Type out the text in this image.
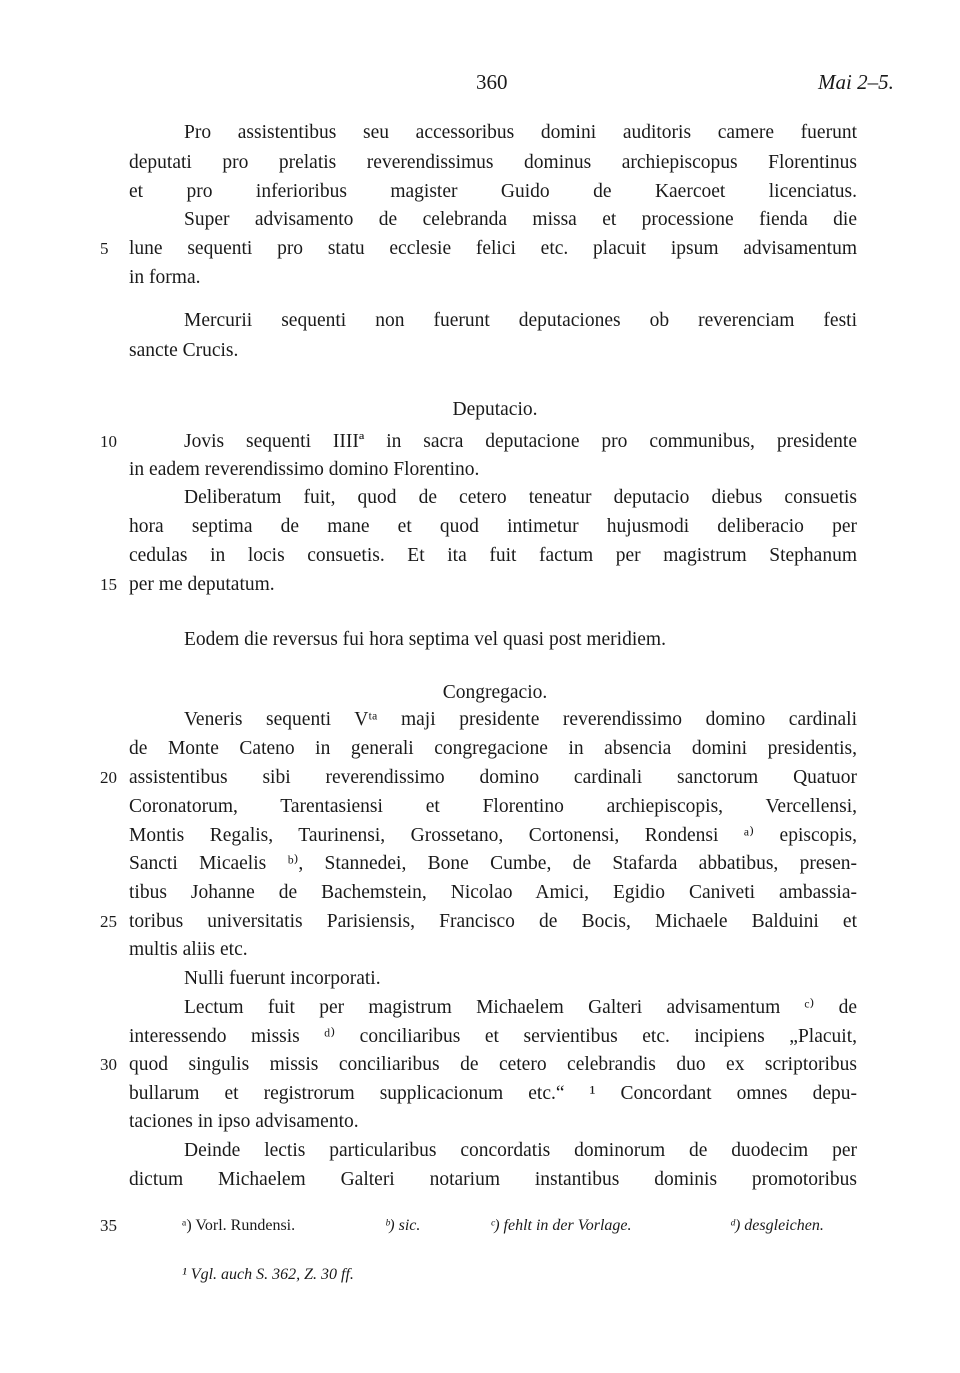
360	Mai 2–5.
Pro assistentibus seu accessoribus domini auditoris camere fuerunt
deputati pro prelatis reverendissimus dominus archiepiscopus Florentinus
et pro inferioribus magister Guido de Kaercoet licenciatus.
Super advisamento de celebranda missa et processione fienda die
5 lune sequenti pro statu ecclesie felici etc. placuit ipsum advisamentum
in forma.
Mercurii sequenti non fuerunt deputaciones ob reverenciam festi
sancte Crucis.
Deputacio.
10	Jovis sequenti IIIIª in sacra deputacione pro communibus, presidente
in eadem reverendissimo domino Florentino.
Deliberatum fuit, quod de cetero teneatur deputacio diebus consuetis
hora septima de mane et quod intimetur hujusmodi deliberacio per
cedulas in locis consuetis. Et ita fuit factum per magistrum Stephanum
15 per me deputatum.
Eodem die reversus fui hora septima vel quasi post meridiem.
Congregacio.
Veneris sequenti Vᵗᵃ maji presidente reverendissimo domino cardinali
de Monte Cateno in generali congregacione in absencia domini presidentis,
20 assistentibus sibi reverendissimo domino cardinali sanctorum Quatuor
Coronatorum, Tarentasiensi et Florentino archiepiscopis, Vercellensi,
Montis Regalis, Taurinensi, Grossetano, Cortonensi, Rondensi ᵃ⁾ episcopis,
Sancti Micaelis ᵇ⁾, Stannedei, Bone Cumbe, de Stafarda abbatibus, presen-
tibus Johanne de Bachemstein, Nicolao Amici, Egidio Caniveti ambassia-
25 toribus universitatis Parisiensis, Francisco de Bocis, Michaele Balduini et
multis aliis etc.
Nulli fuerunt incorporati.
Lectum fuit per magistrum Michaelem Galteri advisamentum ᶜ⁾ de
interessendo missis ᵈ⁾ conciliaribus et servientibus etc. incipiens „Placuit,
30 quod singulis missis conciliaribus de cetero celebrandis duo ex scriptoribus
bullarum et registrorum supplicacionum etc.“ ¹ Concordant omnes depu-
taciones in ipso advisamento.
Deinde lectis particularibus concordatis dominorum de duodecim per
dictum Michaelem Galteri notarium instantibus dominis promotoribus
35	ᵃ) Vorl. Rundensi.	ᵇ) sic.	ᶜ) fehlt in der Vorlage.	ᵈ) desgleichen.
¹ Vgl. auch S. 362, Z. 30 ff.
